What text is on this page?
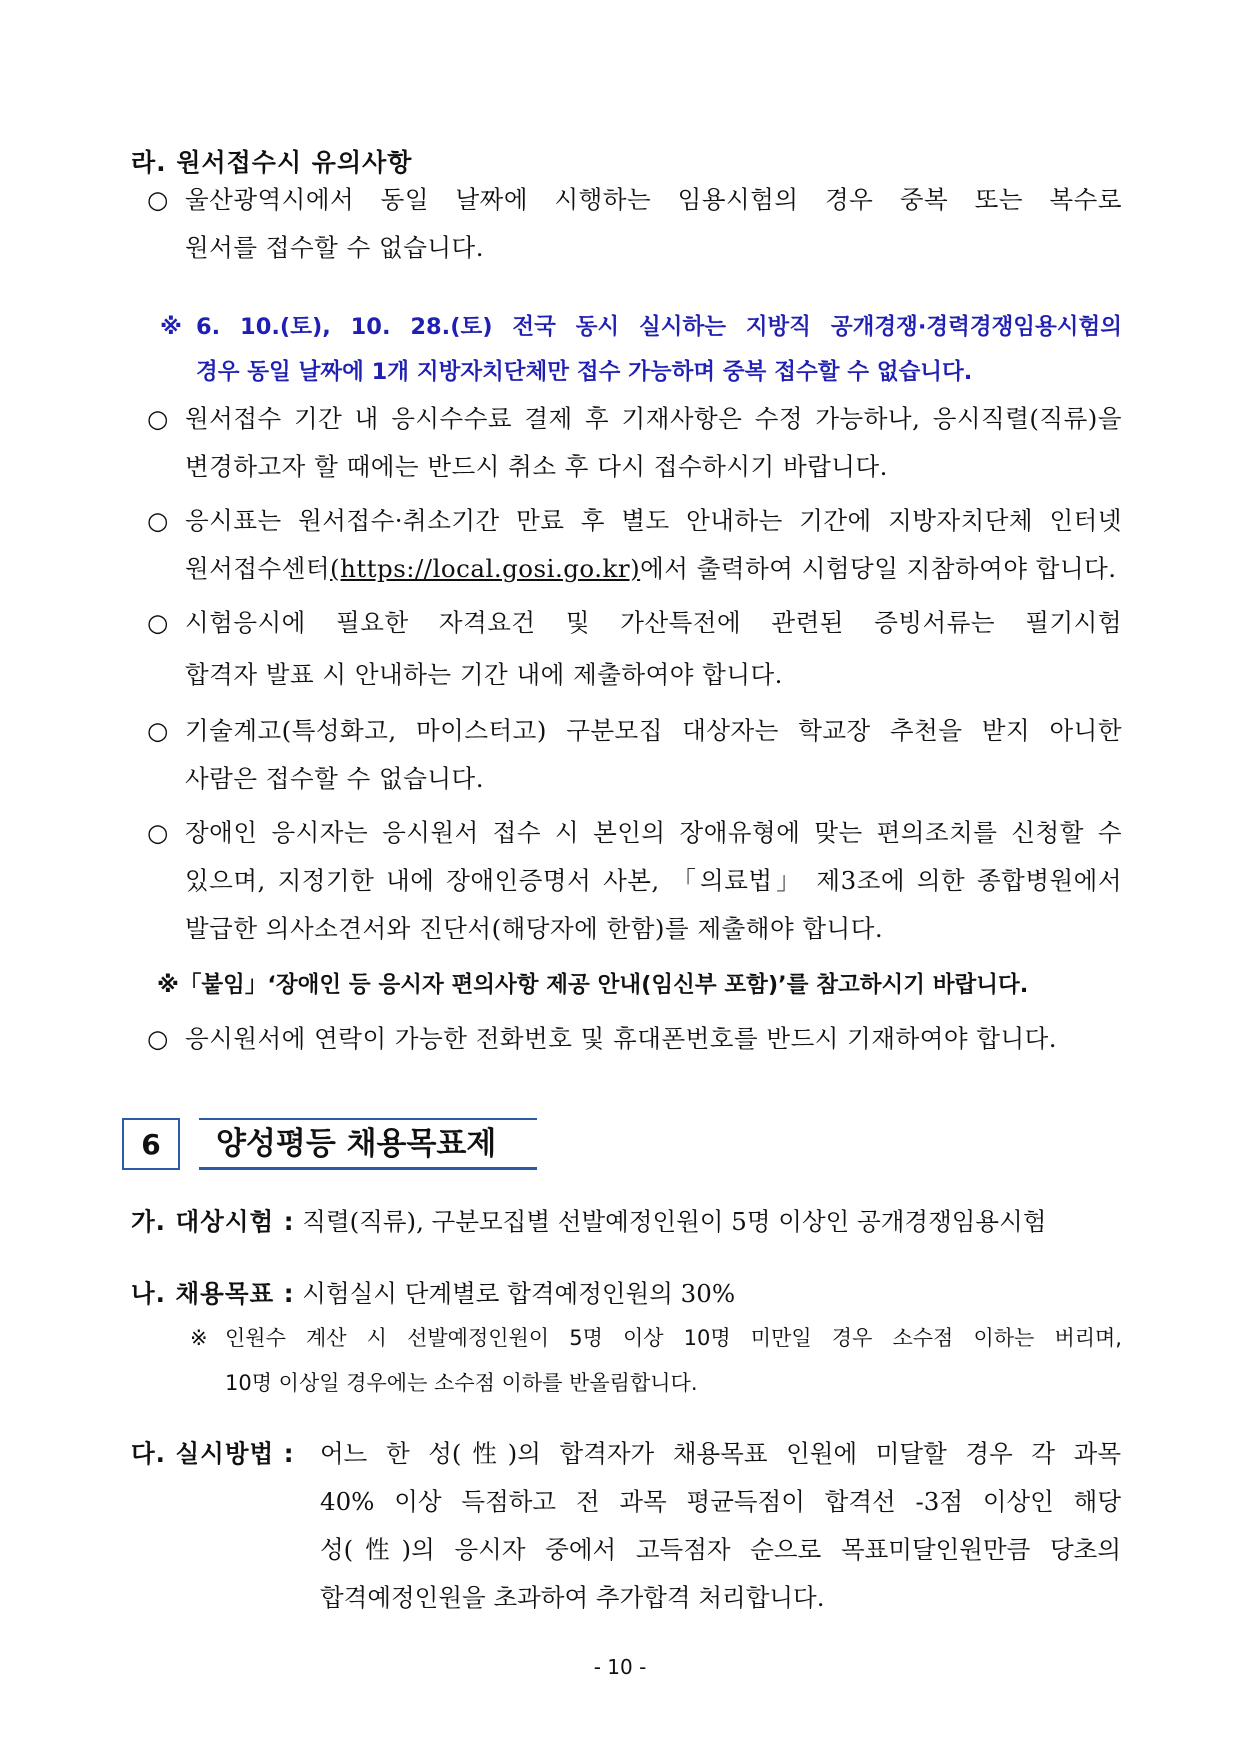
라. 원서접수시 유의사항
○ 울산광역시에서 동일 날짜에 시행하는 임용시험의 경우 중복 또는 복수로
원서를 접수할 수 없습니다.
※ 6. 10.(토), 10. 28.(토) 전국 동시 실시하는 지방직 공개경쟁·경력경쟁임용시험의
경우 동일 날짜에 1개 지방자치단체만 접수 가능하며 중복 접수할 수 없습니다.
○ 원서접수 기간 내 응시수수료 결제 후 기재사항은 수정 가능하나, 응시직렬(직류)을
변경하고자 할 때에는 반드시 취소 후 다시 접수하시기 바랍니다.
○ 응시표는 원서접수·취소기간 만료 후 별도 안내하는 기간에 지방자치단체 인터넷
원서접수센터(https://local.gosi.go.kr)에서 출력하여 시험당일 지참하여야 합니다.
○ 시험응시에 필요한 자격요건 및 가산특전에 관련된 증빙서류는 필기시험
합격자 발표 시 안내하는 기간 내에 제출하여야 합니다.
○ 기술계고(특성화고, 마이스터고) 구분모집 대상자는 학교장 추천을 받지 아니한
사람은 접수할 수 없습니다.
○ 장애인 응시자는 응시원서 접수 시 본인의 장애유형에 맞는 편의조치를 신청할 수
있으며, 지정기한 내에 장애인증명서 사본, 「의료법」 제3조에 의한 종합병원에서
발급한 의사소견서와 진단서(해당자에 한함)를 제출해야 합니다.
※「붙임」‘장애인 등 응시자 편의사항 제공 안내(임신부 포함)’를 참고하시기 바랍니다.
○ 응시원서에 연락이 가능한 전화번호 및 휴대폰번호를 반드시 기재하여야 합니다.
6	양성평등 채용목표제
가. 대상시험 : 직렬(직류), 구분모집별 선발예정인원이 5명 이상인 공개경쟁임용시험
나. 채용목표 : 시험실시 단계별로 합격예정인원의 30%
※ 인원수 계산 시 선발예정인원이 5명 이상 10명 미만일 경우 소수점 이하는 버리며,
10명 이상일 경우에는 소수점 이하를 반올림합니다.
다. 실시방법 :	어느 한 성(性)의 합격자가 채용목표 인원에 미달할 경우 각 과목
40% 이상 득점하고 전 과목 평균득점이 합격선 -3점 이상인 해당
성(性)의 응시자 중에서 고득점자 순으로 목표미달인원만큼 당초의
합격예정인원을 초과하여 추가합격 처리합니다.
- 10 -
